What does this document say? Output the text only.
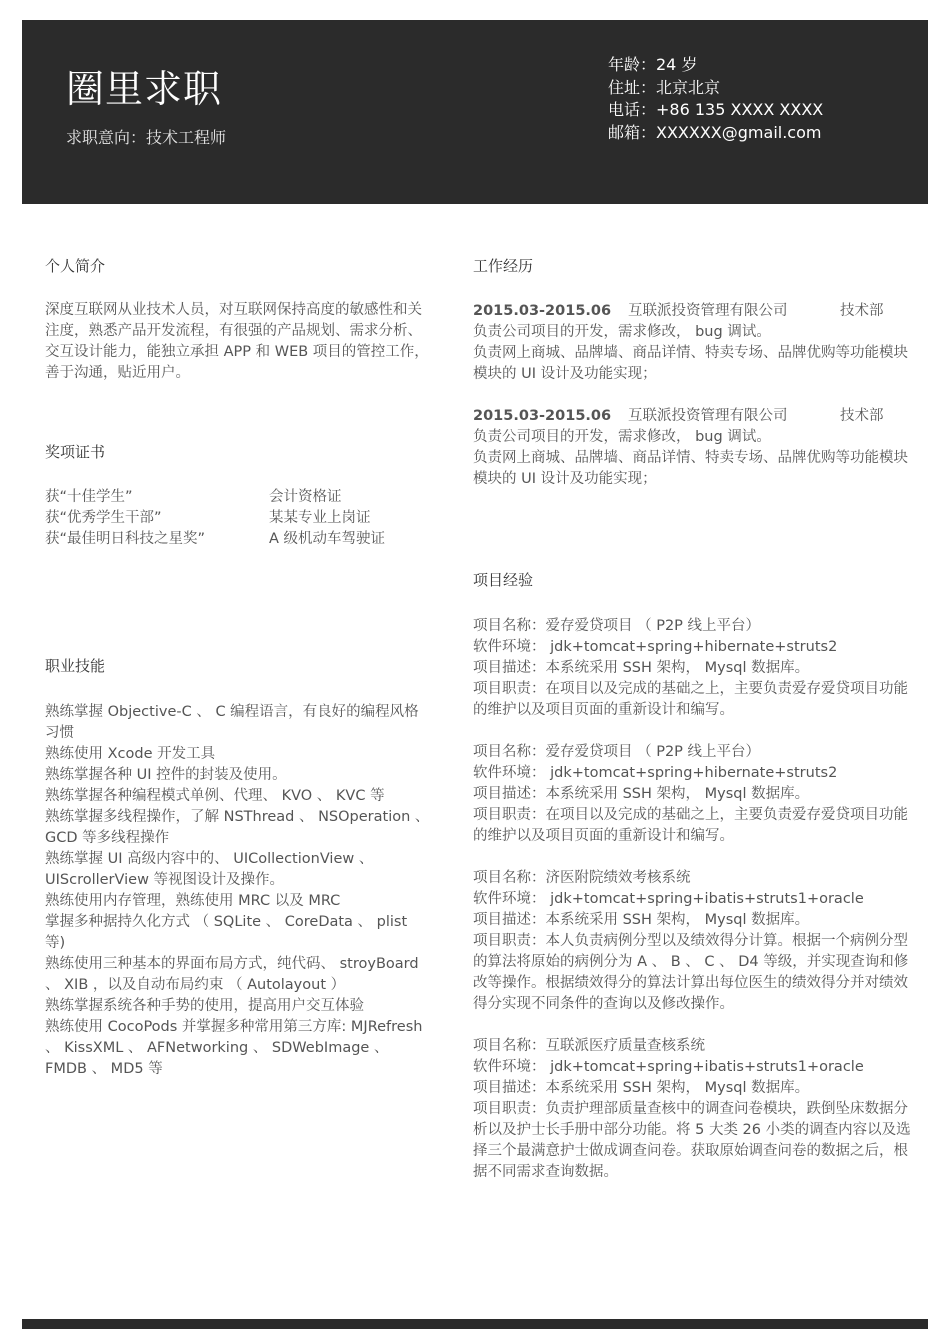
圈里求职
求职意向：技术工程师
年龄：24 岁
住址：北京北京
电话：+86 135 XXXX XXXX
邮箱：XXXXXX@gmail.com
个人简介
深度互联网从业技术人员，对互联网保持高度的敏感性和关注度，熟悉产品开发流程，有很强的产品规划、需求分析、交互设计能力，能独立承担 APP 和 WEB 项目的管控工作，善于沟通，贴近用户。
奖项证书
获“十佳学生”	会计资格证
获“优秀学生干部”	某某专业上岗证
获“最佳明日科技之星奖”	A 级机动车驾驶证
职业技能
熟练掌握 Objective-C 、 C 编程语言，有良好的编程风格习惯
熟练使用 Xcode 开发工具
熟练掌握各种 UI 控件的封装及使用。
熟练掌握各种编程模式单例、代理、 KVO 、 KVC 等
熟练掌握多线程操作，了解 NSThread 、 NSOperation 、 GCD 等多线程操作
熟练掌握 UI 高级内容中的、 UICollectionView 、 UIScrollerView 等视图设计及操作。
熟练使用内存管理，熟练使用 MRC 以及 MRC
掌握多种据持久化方式 （ SQLite 、 CoreData 、 plist 等)
熟练使用三种基本的界面布局方式，纯代码、 stroyBoard 、 XIB ，以及自动布局约束 （ Autolayout ）
熟练掌握系统各种手势的使用，提高用户交互体验
熟练使用 CocoPods 并掌握多种常用第三方库: MJRefresh 、 KissXML 、 AFNetworking 、 SDWebImage 、 FMDB 、 MD5 等
工作经历
2015.03-2015.06	互联派投资管理有限公司	技术部
负责公司项目的开发，需求修改， bug 调试。
负责网上商城、品牌墙、商品详情、特卖专场、品牌优购等功能模块模块的 UI 设计及功能实现；
2015.03-2015.06	互联派投资管理有限公司	技术部
负责公司项目的开发，需求修改， bug 调试。
负责网上商城、品牌墙、商品详情、特卖专场、品牌优购等功能模块模块的 UI 设计及功能实现；
项目经验
项目名称：爱存爱贷项目 （ P2P 线上平台）
软件环境： jdk+tomcat+spring+hibernate+struts2
项目描述：本系统采用 SSH 架构， Mysql 数据库。
项目职责：在项目以及完成的基础之上，主要负责爱存爱贷项目功能的维护以及项目页面的重新设计和编写。
项目名称：爱存爱贷项目 （ P2P 线上平台）
软件环境： jdk+tomcat+spring+hibernate+struts2
项目描述：本系统采用 SSH 架构， Mysql 数据库。
项目职责：在项目以及完成的基础之上，主要负责爱存爱贷项目功能的维护以及项目页面的重新设计和编写。
项目名称：济医附院绩效考核系统
软件环境： jdk+tomcat+spring+ibatis+struts1+oracle
项目描述：本系统采用 SSH 架构， Mysql 数据库。
项目职责：本人负责病例分型以及绩效得分计算。根据一个病例分型的算法将原始的病例分为 A 、 B 、 C 、 D4 等级，并实现查询和修改等操作。根据绩效得分的算法计算出每位医生的绩效得分并对绩效得分实现不同条件的查询以及修改操作。
项目名称：互联派医疗质量查核系统
软件环境： jdk+tomcat+spring+ibatis+struts1+oracle
项目描述：本系统采用 SSH 架构， Mysql 数据库。
项目职责：负责护理部质量查核中的调查问卷模块，跌倒坠床数据分析以及护士长手册中部分功能。将 5 大类 26 小类的调查内容以及选择三个最满意护士做成调查问卷。获取原始调查问卷的数据之后，根据不同需求查询数据。
